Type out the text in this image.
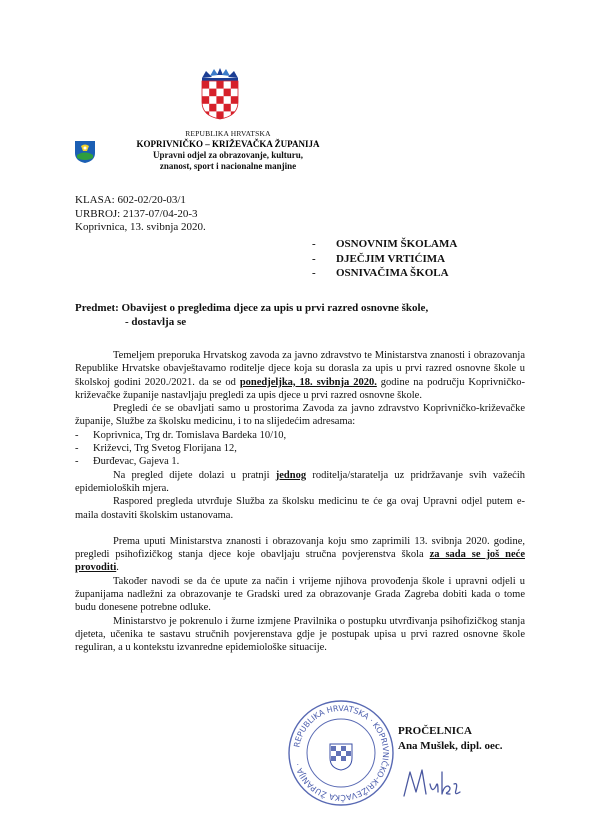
REPUBLIKA HRVATSKA
KOPRIVNIČKO – KRIŽEVAČKA ŽUPANIJA
Upravni odjel za obrazovanje, kulturu,
znanost, sport i nacionalne manjine
KLASA: 602-02/20-03/1
URBROJ: 2137-07/04-20-3
Koprivnica, 13. svibnja 2020.
- OSNOVNIM ŠKOLAMA
- DJEČJIM VRTIĆIMA
- OSNIVAČIMA ŠKOLA
Predmet: Obavijest o pregledima djece za upis u prvi razred osnovne škole,
- dostavlja se

Temeljem preporuka Hrvatskog zavoda za javno zdravstvo te Ministarstva znanosti i obrazovanja Republike Hrvatske obavještavamo roditelje djece koja su dorasla za upis u prvi razred osnovne škole u školskoj godini 2020./2021. da se od ponedjeljka, 18. svibnja 2020. godine na području Koprivničko-križevačke županije nastavljaju pregledi za upis djece u prvi razred osnovne škole.

Pregledi će se obavljati samo u prostorima Zavoda za javno zdravstvo Koprivničko-križevačke županije, Službe za školsku medicinu, i to na slijedećim adresama:

- Koprivnica, Trg dr. Tomislava Bardeka 10/10,
- Križevci, Trg Svetog Florijana 12,
- Đurđevac, Gajeva 1.

Na pregled dijete dolazi u pratnji jednog roditelja/staratelja uz pridržavanje svih važećih epidemioloških mjera.

Raspored pregleda utvrđuje Služba za školsku medicinu te će ga ovaj Upravni odjel putem e-maila dostaviti školskim ustanovama.

Prema uputi Ministarstva znanosti i obrazovanja koju smo zaprimili 13. svibnja 2020. godine, pregledi psihofizičkog stanja djece koje obavljaju stručna povjerenstva škola za sada se još neće provoditi.

Također navodi se da će upute za način i vrijeme njihova provođenja škole i upravni odjeli u županijama nadležni za obrazovanje te Gradski ured za obrazovanje Grada Zagreba dobiti kada o tome budu donesene potrebne odluke.

Ministarstvo je pokrenulo i žurne izmjene Pravilnika o postupku utvrđivanja psihofizičkog stanja djeteta, učenika te sastavu stručnih povjerenstava gdje je postupak upisa u prvi razred osnovne škole reguliran, a u kontekstu izvanredne epidemiološke situacije.

REPUBLIKA HRVATSKA · KOPRIVNIČKO-KRIŽEVAČKA ŽUPANIJA ·
PROČELNICA
Ana Mušlek, dipl. oec.
